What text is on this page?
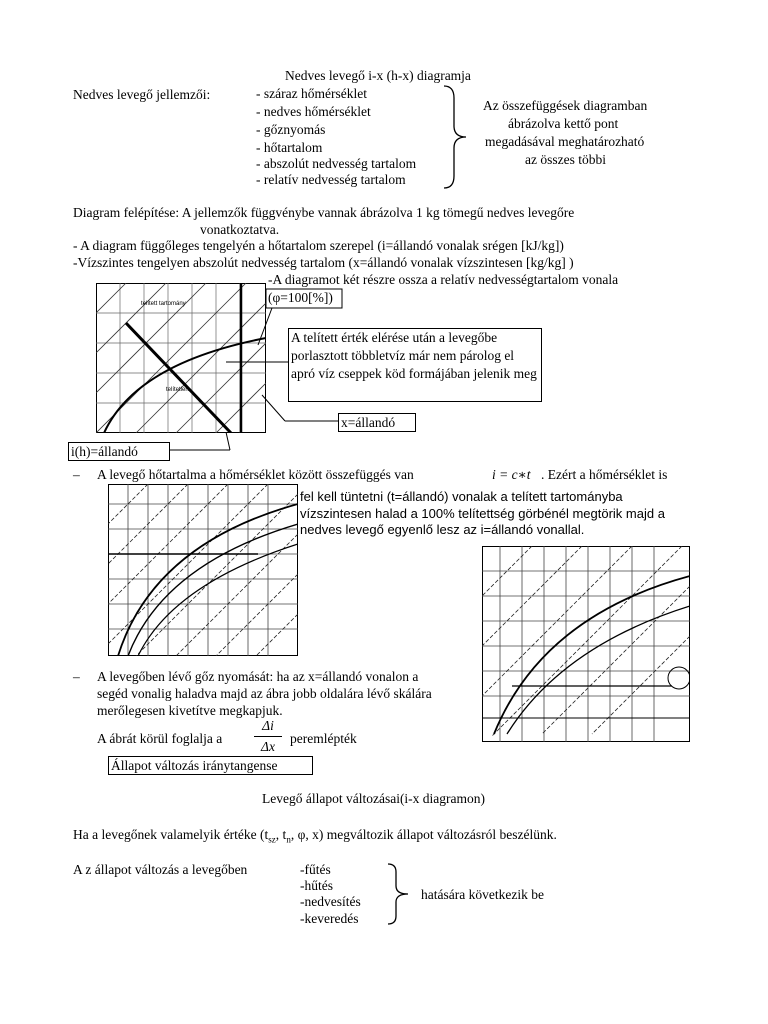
Nedves levegő i-x (h-x) diagramja
Nedves levegő jellemzői:	- száraz hőmérséklet
- nedves hőmérséklet
- gőznyomás
- hőtartalom
- abszolút nedvesség tartalom
- relatív nedvesség tartalom
Az összefüggések diagramban
ábrázolva kettő pont
megadásával meghatározható
az összes többi
Diagram felépítése: A jellemzők függvénybe vannak ábrázolva 1 kg tömegű nedves levegőre
vonatkoztatva.
- A diagram függőleges tengelyén a hőtartalom szerepel (i=állandó vonalak srégen [kJ/kg])
-Vízszintes tengelyen abszolút nedvesség tartalom (x=állandó vonalak vízszintesen [kg/kg] )
-A diagramot két részre ossza a relatív nedvességtartalom vonala
(φ=100[%])
telített tartomány
telítetlen
A telített érték elérése után a levegőbe porlasztott többletvíz már nem párolog el apró víz cseppek köd formájában jelenik meg
x=állandó
i(h)=állandó
– A levegő hőtartalma a hőmérséklet között összefüggés van	i = c∗t . Ezért a hőmérséklet is
fel kell tüntetni (t=állandó) vonalak a telített tartományba
vízszintesen halad a 100% telítettség görbénél megtörik majd a
nedves levegő egyenlő lesz az i=állandó vonallal.
– A levegőben lévő gőz nyomását: ha az x=állandó vonalon a
segéd vonalig haladva majd az ábra jobb oldalára lévő skálára
merőlegesen kivetítve megkapjuk.
A ábrát körül foglalja a
Δi
Δx
peremlépték
Állapot változás iránytangense
Levegő állapot változásai(i-x diagramon)
Ha a levegőnek valamelyik értéke ($t_{sz}$, $t_n$, φ, x) megváltozik állapot változásról beszélünk.
A z állapot változás a levegőben	-fűtés
-hűtés
-nedvesítés
-keveredés
hatására következik be
